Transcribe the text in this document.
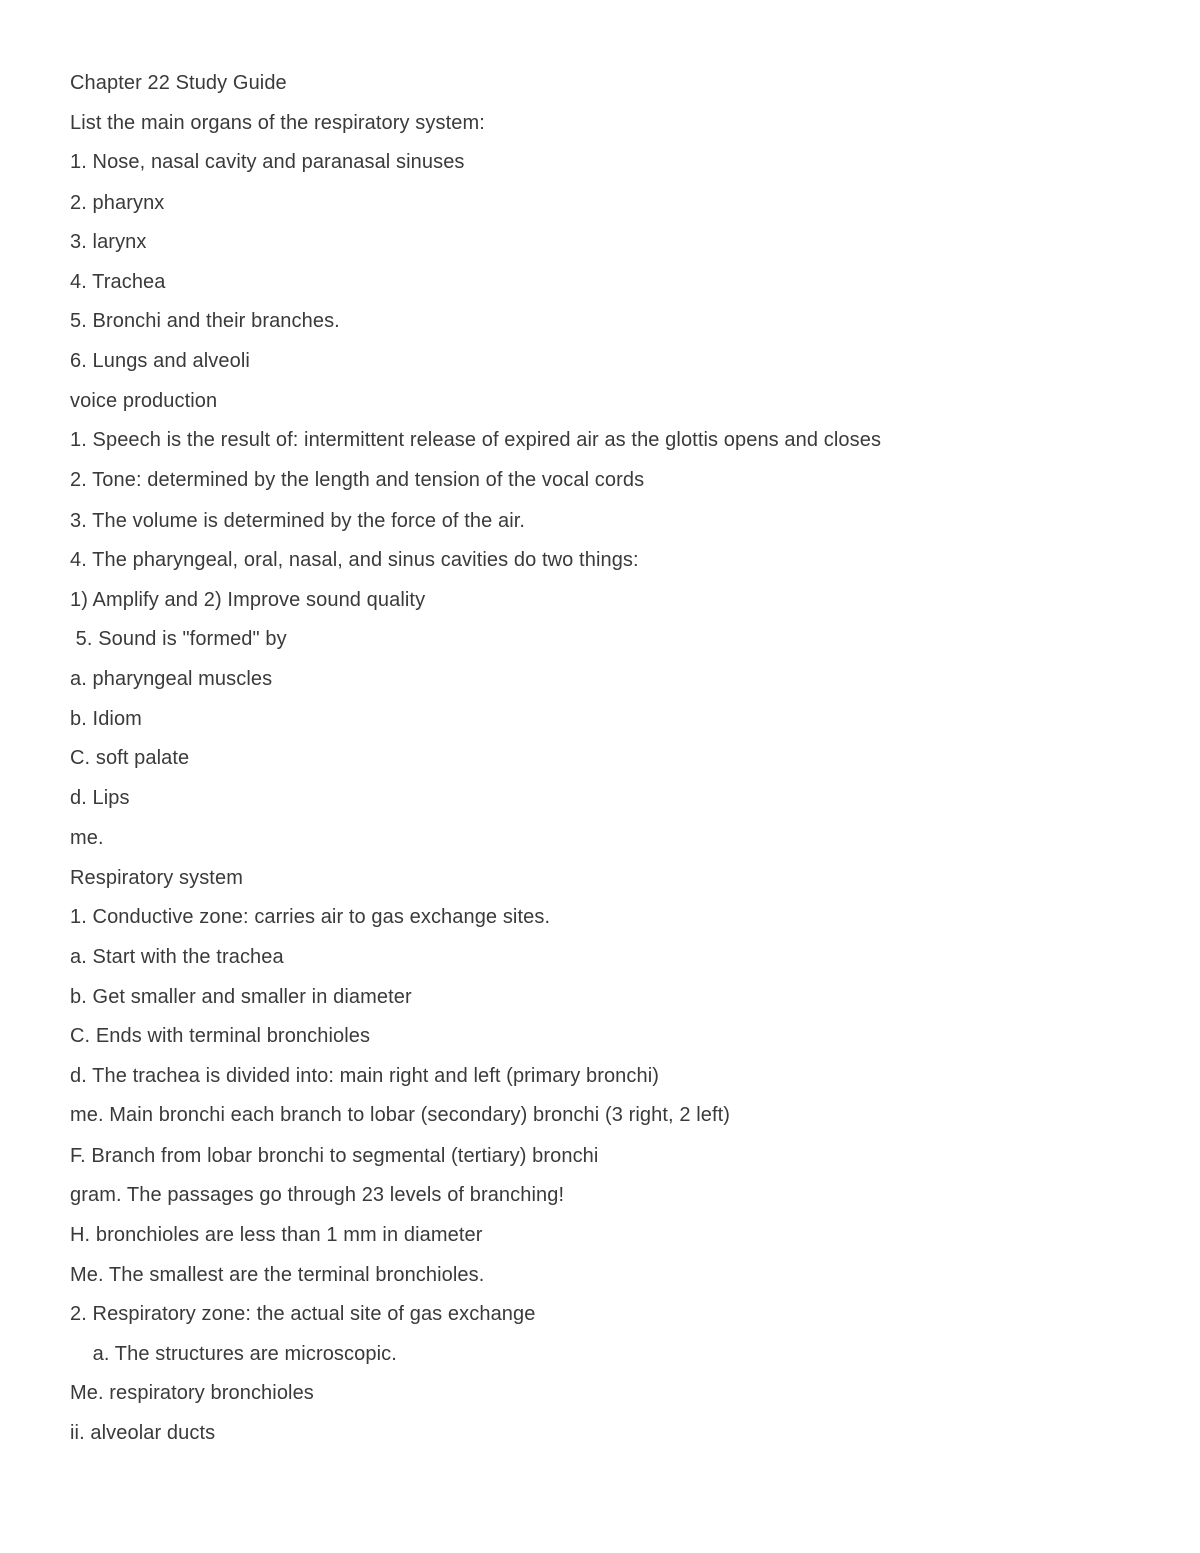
Chapter 22 Study Guide

List the main organs of the respiratory system:

1. Nose, nasal cavity and paranasal sinuses

2. pharynx

3. larynx

4. Trachea

5. Bronchi and their branches.

6. Lungs and alveoli

voice production

1. Speech is the result of: intermittent release of expired air as the glottis opens and closes

2. Tone: determined by the length and tension of the vocal cords

3. The volume is determined by the force of the air.

4. The pharyngeal, oral, nasal, and sinus cavities do two things:

1) Amplify and 2) Improve sound quality

5. Sound is "formed" by

a. pharyngeal muscles

b. Idiom

C. soft palate

d. Lips

me.

Respiratory system

1. Conductive zone: carries air to gas exchange sites.

a. Start with the trachea

b. Get smaller and smaller in diameter

C. Ends with terminal bronchioles

d. The trachea is divided into: main right and left (primary bronchi)

me. Main bronchi each branch to lobar (secondary) bronchi (3 right, 2 left)

F. Branch from lobar bronchi to segmental (tertiary) bronchi

gram. The passages go through 23 levels of branching!

H. bronchioles are less than 1 mm in diameter

Me. The smallest are the terminal bronchioles.

2. Respiratory zone: the actual site of gas exchange

a. The structures are microscopic.

Me. respiratory bronchioles

ii. alveolar ducts
